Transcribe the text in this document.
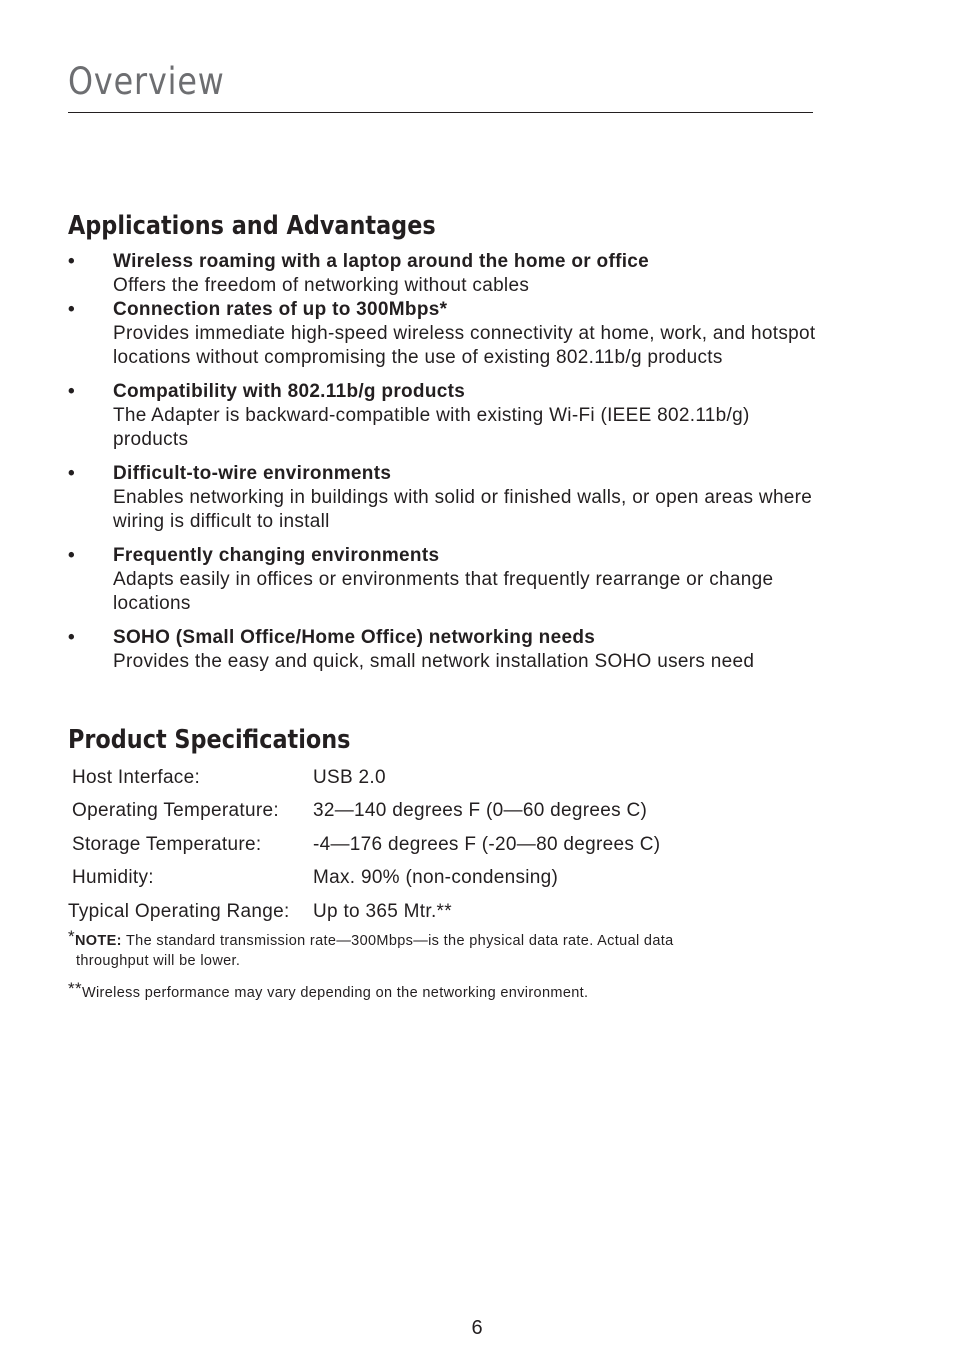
Overview
Applications and Advantages
• Wireless roaming with a laptop around the home or office
Offers the freedom of networking without cables
• Connection rates of up to 300Mbps*
Provides immediate high-speed wireless connectivity at home, work, and hotspot locations without compromising the use of existing 802.11b/g products
• Compatibility with 802.11b/g products
The Adapter is backward-compatible with existing Wi-Fi (IEEE 802.11b/g) products
• Difficult-to-wire environments
Enables networking in buildings with solid or finished walls, or open areas where wiring is difficult to install
• Frequently changing environments
Adapts easily in offices or environments that frequently rearrange or change locations
• SOHO (Small Office/Home Office) networking needs
Provides the easy and quick, small network installation SOHO users need
Product Specifications
Host Interface:	USB 2.0
Operating Temperature: 32—140 degrees F (0—60 degrees C)
Storage Temperature:	-4—176 degrees F (-20—80 degrees C)
Humidity:	Max. 90% (non-condensing)
Typical Operating Range: Up to 365 Mtr.**
*NOTE: The standard transmission rate—300Mbps—is the physical data rate. Actual data
throughput will be lower.
**Wireless performance may vary depending on the networking environment.
6
